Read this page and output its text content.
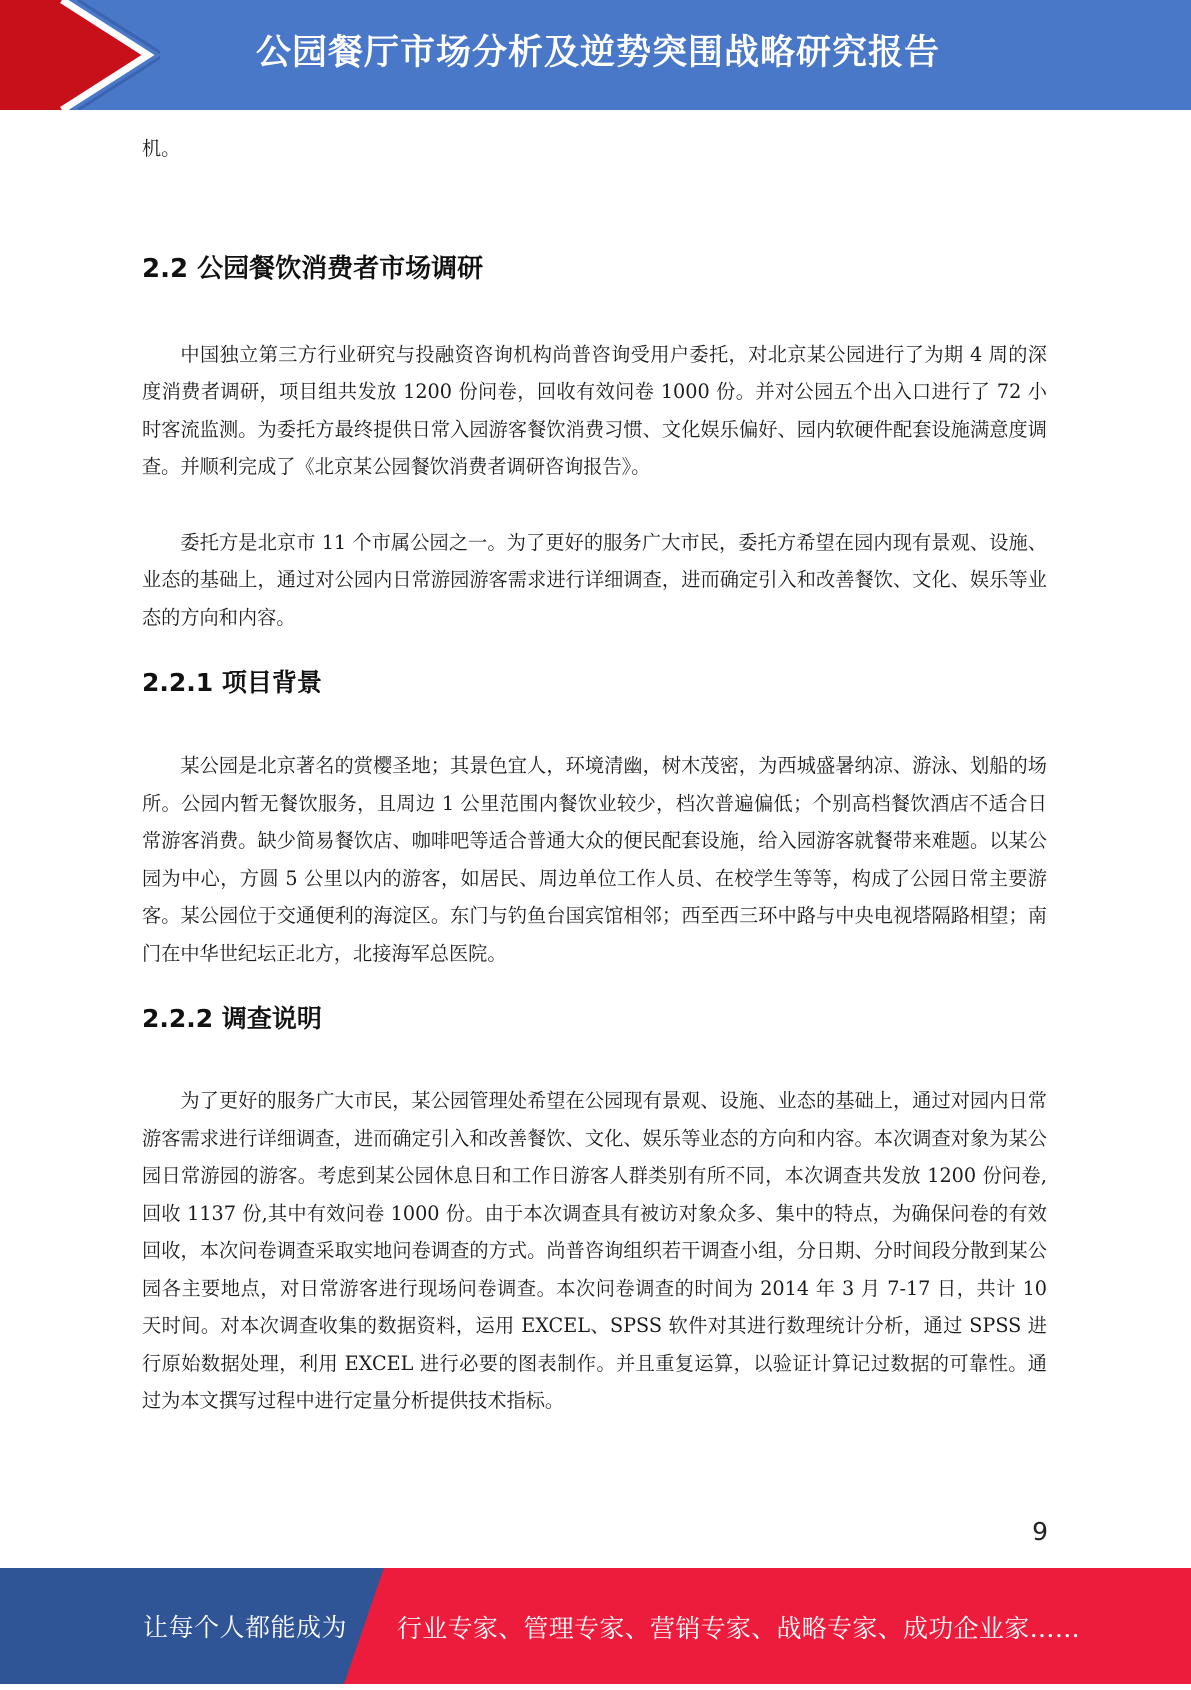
公园餐厅市场分析及逆势突围战略研究报告

机。

2.2 公园餐饮消费者市场调研

中国独立第三方行业研究与投融资咨询机构尚普咨询受用户委托，对北京某公园进行了为期 4 周的深度消费者调研，项目组共发放 1200 份问卷，回收有效问卷 1000 份。并对公园五个出入口进行了 72 小时客流监测。为委托方最终提供日常入园游客餐饮消费习惯、文化娱乐偏好、园内软硬件配套设施满意度调查。并顺利完成了《北京某公园餐饮消费者调研咨询报告》。

委托方是北京市 11 个市属公园之一。为了更好的服务广大市民，委托方希望在园内现有景观、设施、业态的基础上，通过对公园内日常游园游客需求进行详细调查，进而确定引入和改善餐饮、文化、娱乐等业态的方向和内容。

2.2.1 项目背景

某公园是北京著名的赏樱圣地；其景色宜人，环境清幽，树木茂密，为西城盛暑纳凉、游泳、划船的场所。公园内暂无餐饮服务，且周边 1 公里范围内餐饮业较少，档次普遍偏低；个别高档餐饮酒店不适合日常游客消费。缺少简易餐饮店、咖啡吧等适合普通大众的便民配套设施，给入园游客就餐带来难题。以某公园为中心，方圆 5 公里以内的游客，如居民、周边单位工作人员、在校学生等等，构成了公园日常主要游客。某公园位于交通便利的海淀区。东门与钓鱼台国宾馆相邻；西至西三环中路与中央电视塔隔路相望；南门在中华世纪坛正北方，北接海军总医院。

2.2.2 调查说明

为了更好的服务广大市民，某公园管理处希望在公园现有景观、设施、业态的基础上，通过对园内日常游客需求进行详细调查，进而确定引入和改善餐饮、文化、娱乐等业态的方向和内容。本次调查对象为某公园日常游园的游客。考虑到某公园休息日和工作日游客人群类别有所不同，本次调查共发放 1200 份问卷,回收 1137 份,其中有效问卷 1000 份。由于本次调查具有被访对象众多、集中的特点，为确保问卷的有效回收，本次问卷调查采取实地问卷调查的方式。尚普咨询组织若干调查小组，分日期、分时间段分散到某公园各主要地点，对日常游客进行现场问卷调查。本次问卷调查的时间为 2014 年 3 月 7-17 日，共计 10 天时间。对本次调查收集的数据资料，运用 EXCEL、SPSS 软件对其进行数理统计分析，通过 SPSS 进行原始数据处理，利用 EXCEL 进行必要的图表制作。并且重复运算，以验证计算记过数据的可靠性。通过为本文撰写过程中进行定量分析提供技术指标。

9
让每个人都能成为 行业专家、管理专家、营销专家、战略专家、成功企业家……
